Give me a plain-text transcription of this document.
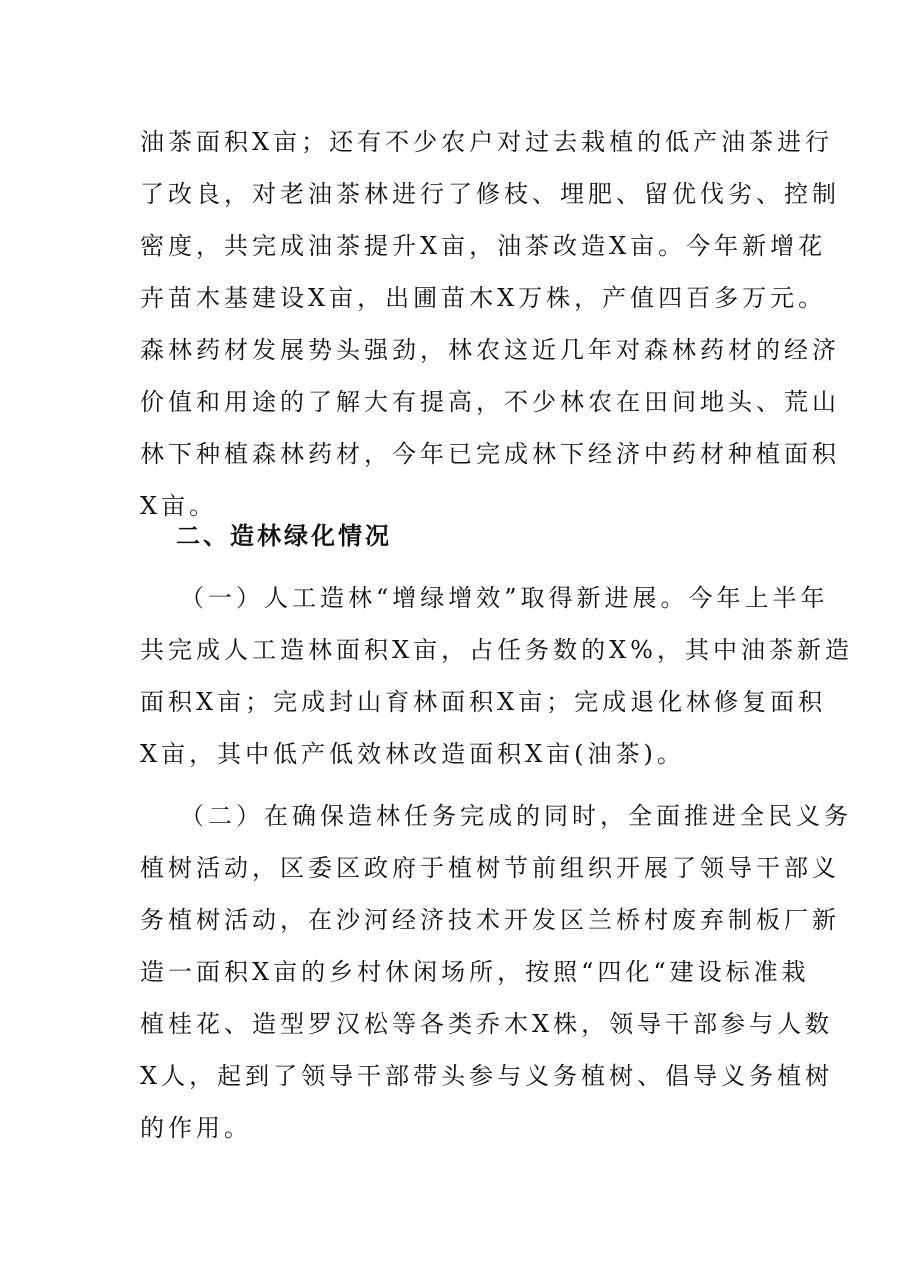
油茶面积X亩；还有不少农户对过去栽植的低产油茶进行
了改良，对老油茶林进行了修枝、埋肥、留优伐劣、控制
密度，共完成油茶提升X亩，油茶改造X亩。今年新增花
卉苗木基建设X亩，出圃苗木X万株，产值四百多万元。
森林药材发展势头强劲，林农这近几年对森林药材的经济
价值和用途的了解大有提高，不少林农在田间地头、荒山
林下种植森林药材，今年已完成林下经济中药材种植面积
X亩。
二、造林绿化情况
（一）人工造林“增绿增效”取得新进展。今年上半年
共完成人工造林面积X亩，占任务数的X%，其中油茶新造
面积X亩；完成封山育林面积X亩；完成退化林修复面积
X亩，其中低产低效林改造面积X亩(油茶)。
（二）在确保造林任务完成的同时，全面推进全民义务
植树活动，区委区政府于植树节前组织开展了领导干部义
务植树活动，在沙河经济技术开发区兰桥村废弃制板厂新
造一面积X亩的乡村休闲场所，按照“四化“建设标准栽
植桂花、造型罗汉松等各类乔木X株，领导干部参与人数
X人，起到了领导干部带头参与义务植树、倡导义务植树
的作用。
